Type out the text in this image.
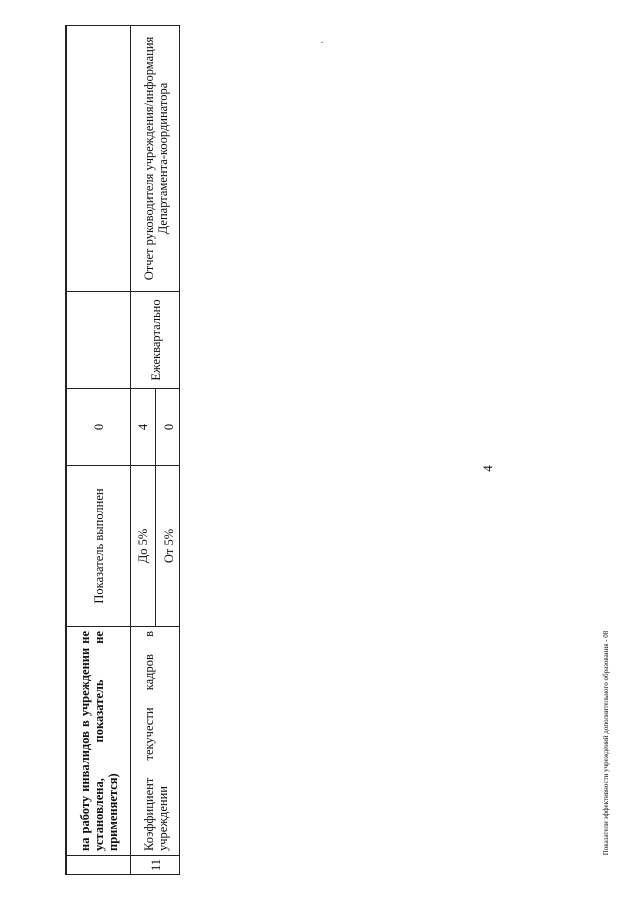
4

	на работу инвалидов в учреждении не установлена, показатель не применяется)	Показатель выполнен	0		
11	Коэффициент текучести кадров в учреждении	До 5%	4	Ежеквартально	Отчет руководителя учреждения/информация Департамента-координатора
		От 5%	0		
Показатели эффективности учреждений дополнительного образования - 08
